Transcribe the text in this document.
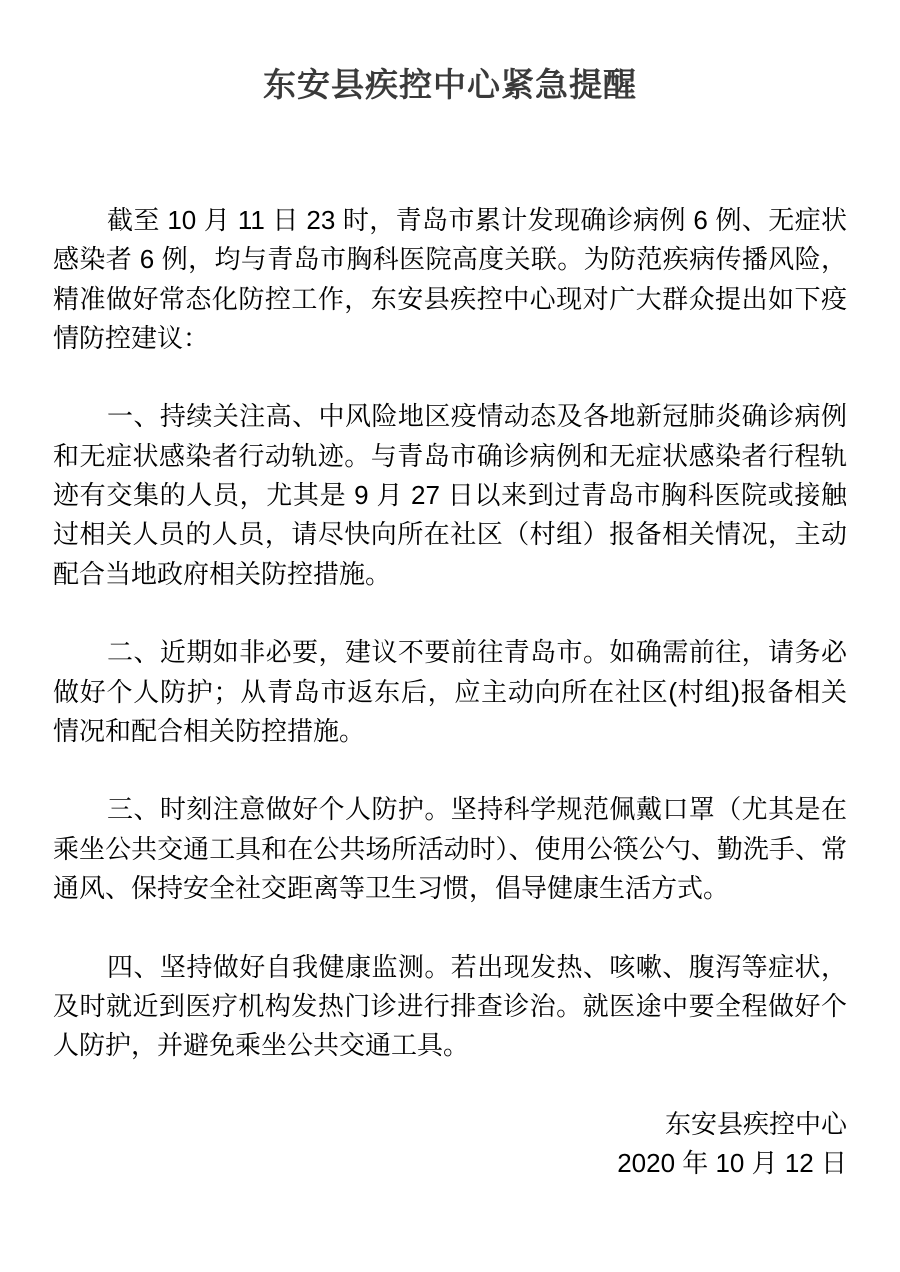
东安县疾控中心紧急提醒

截至 10 月 11 日 23 时，青岛市累计发现确诊病例 6 例、无症状感染者 6 例，均与青岛市胸科医院高度关联。为防范疾病传播风险，精准做好常态化防控工作，东安县疾控中心现对广大群众提出如下疫情防控建议：

一、持续关注高、中风险地区疫情动态及各地新冠肺炎确诊病例和无症状感染者行动轨迹。与青岛市确诊病例和无症状感染者行程轨迹有交集的人员，尤其是 9 月 27 日以来到过青岛市胸科医院或接触过相关人员的人员，请尽快向所在社区（村组）报备相关情况，主动配合当地政府相关防控措施。

二、近期如非必要，建议不要前往青岛市。如确需前往，请务必做好个人防护；从青岛市返东后，应主动向所在社区(村组)报备相关情况和配合相关防控措施。

三、时刻注意做好个人防护。坚持科学规范佩戴口罩（尤其是在乘坐公共交通工具和在公共场所活动时）、使用公筷公勺、勤洗手、常通风、保持安全社交距离等卫生习惯，倡导健康生活方式。

四、坚持做好自我健康监测。若出现发热、咳嗽、腹泻等症状，及时就近到医疗机构发热门诊进行排查诊治。就医途中要全程做好个人防护，并避免乘坐公共交通工具。

东安县疾控中心

2020 年 10 月 12 日
